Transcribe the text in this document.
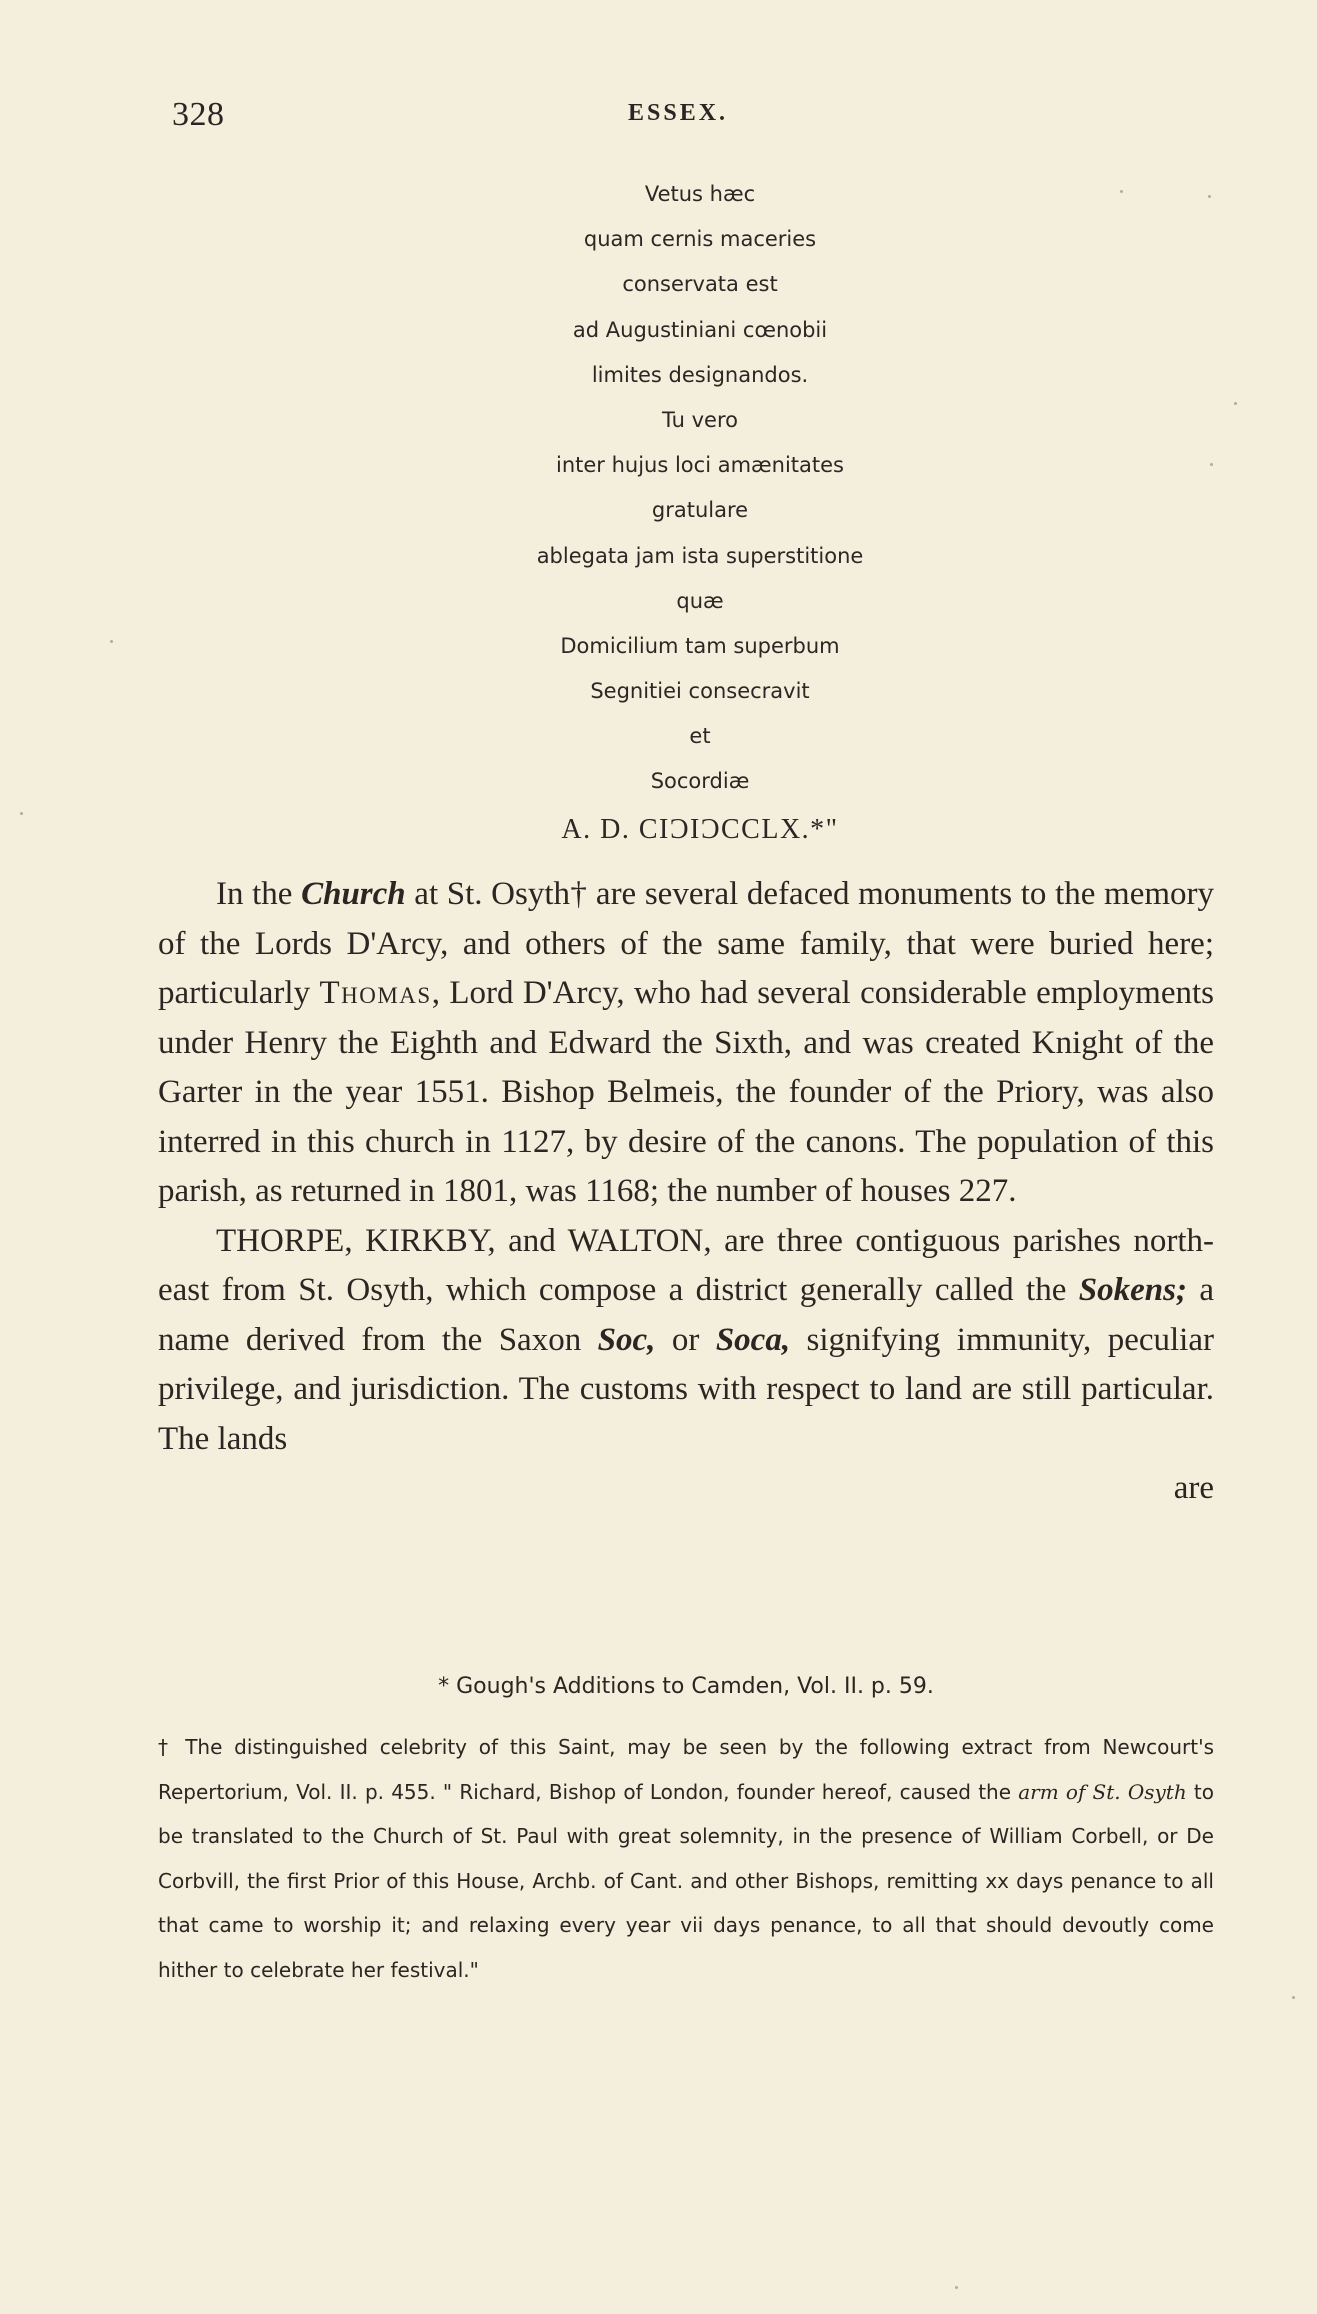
328	ESSEX.
Vetus hæc
quam cernis maceries
conservata est
ad Augustiniani cœnobii
limites designandos.
Tu vero
inter hujus loci amænitates
gratulare
ablegata jam ista superstitione
quæ
Domicilium tam superbum
Segnitiei consecravit
et
Socordiæ
A. D. CIƆIƆCCLX.*"

In the Church at St. Osyth† are several defaced monuments to the memory of the Lords D'Arcy, and others of the same family, that were buried here; particularly Thomas, Lord D'Arcy, who had several considerable employments under Henry the Eighth and Edward the Sixth, and was created Knight of the Garter in the year 1551. Bishop Belmeis, the founder of the Priory, was also interred in this church in 1127, by desire of the canons. The population of this parish, as returned in 1801, was 1168; the number of houses 227.

THORPE, KIRKBY, and WALTON, are three contiguous parishes north-east from St. Osyth, which compose a district generally called the Sokens; a name derived from the Saxon Soc, or Soca, signifying immunity, peculiar privilege, and jurisdiction. The customs with respect to land are still particular. The lands

are

* Gough's Additions to Camden, Vol. II. p. 59.

† The distinguished celebrity of this Saint, may be seen by the following extract from Newcourt's Repertorium, Vol. II. p. 455. " Richard, Bishop of London, founder hereof, caused the arm of St. Osyth to be translated to the Church of St. Paul with great solemnity, in the presence of William Corbell, or De Corbvill, the first Prior of this House, Archb. of Cant. and other Bishops, remitting xx days penance to all that came to worship it; and relaxing every year vii days penance, to all that should devoutly come hither to celebrate her festival."
